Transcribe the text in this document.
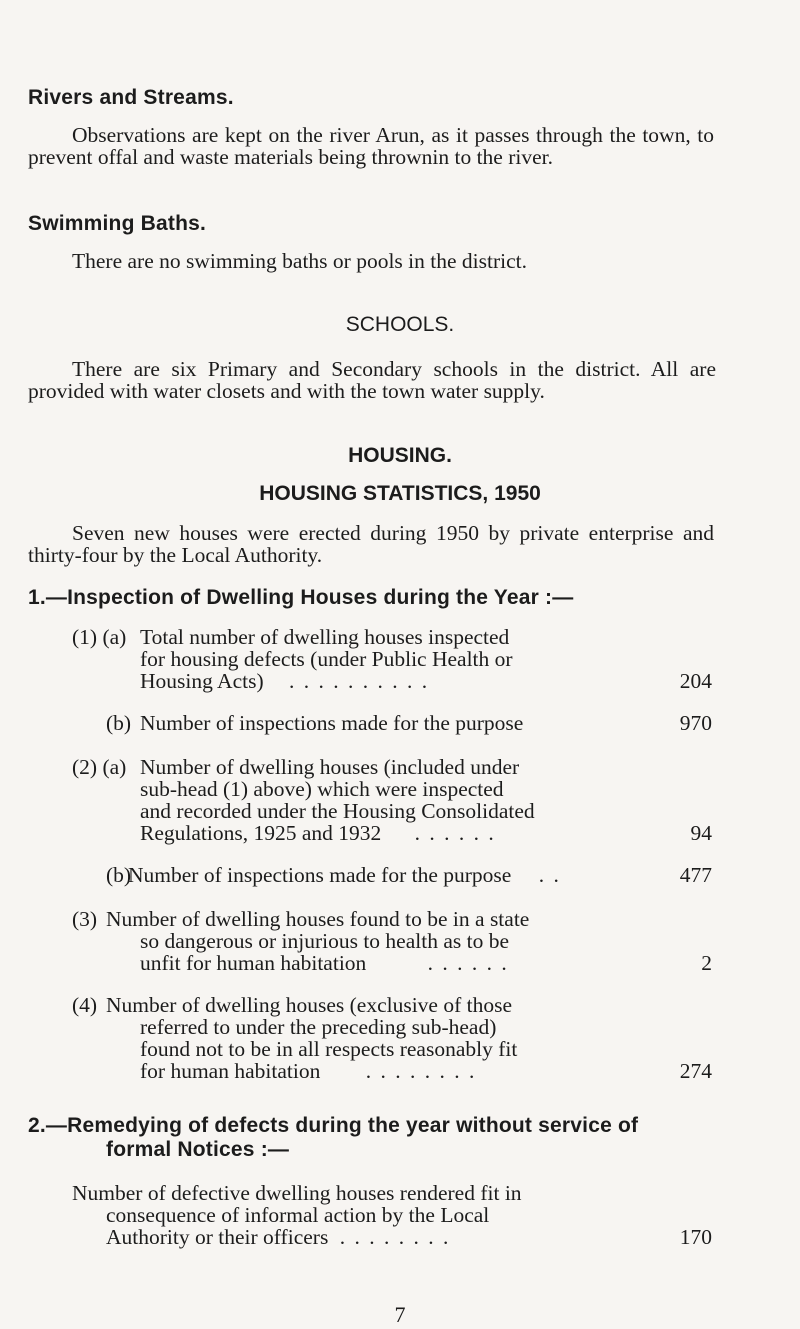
Rivers and Streams.

Observations are kept on the river Arun, as it passes through the town, to prevent offal and waste materials being thrownin to the river.

Swimming Baths.

There are no swimming baths or pools in the district.

SCHOOLS.

There are six Primary and Secondary schools in the district. All are provided with water closets and with the town water supply.

HOUSING.
HOUSING STATISTICS, 1950

Seven new houses were erected during 1950 by private enterprise and thirty-four by the Local Authority.

1.—Inspection of Dwelling Houses during the Year :—
(1) (a) Total number of dwelling houses inspected
for housing defects (under Public Health or
Housing Acts) . . . . . . . . . .	204
(b) Number of inspections made for the purpose	970
(2) (a) Number of dwelling houses (included under
sub-head (1) above) which were inspected
and recorded under the Housing Consolidated
Regulations, 1925 and 1932 . . . . . .	94
(b)
Number of inspections made for the purpose . .	477
(3) Number of dwelling houses found to be in a state
so dangerous or injurious to health as to be
unfit for human habitation	. . . . . .	2
(4) Number of dwelling houses (exclusive of those
referred to under the preceding sub-head)
found not to be in all respects reasonably fit
for human habitation . . . . . . . .	274
2.—Remedying of defects during the year without service of
formal Notices :—
Number of defective dwelling houses rendered fit in
consequence of informal action by the Local
Authority or their officers . . . . . . . .	170
7
